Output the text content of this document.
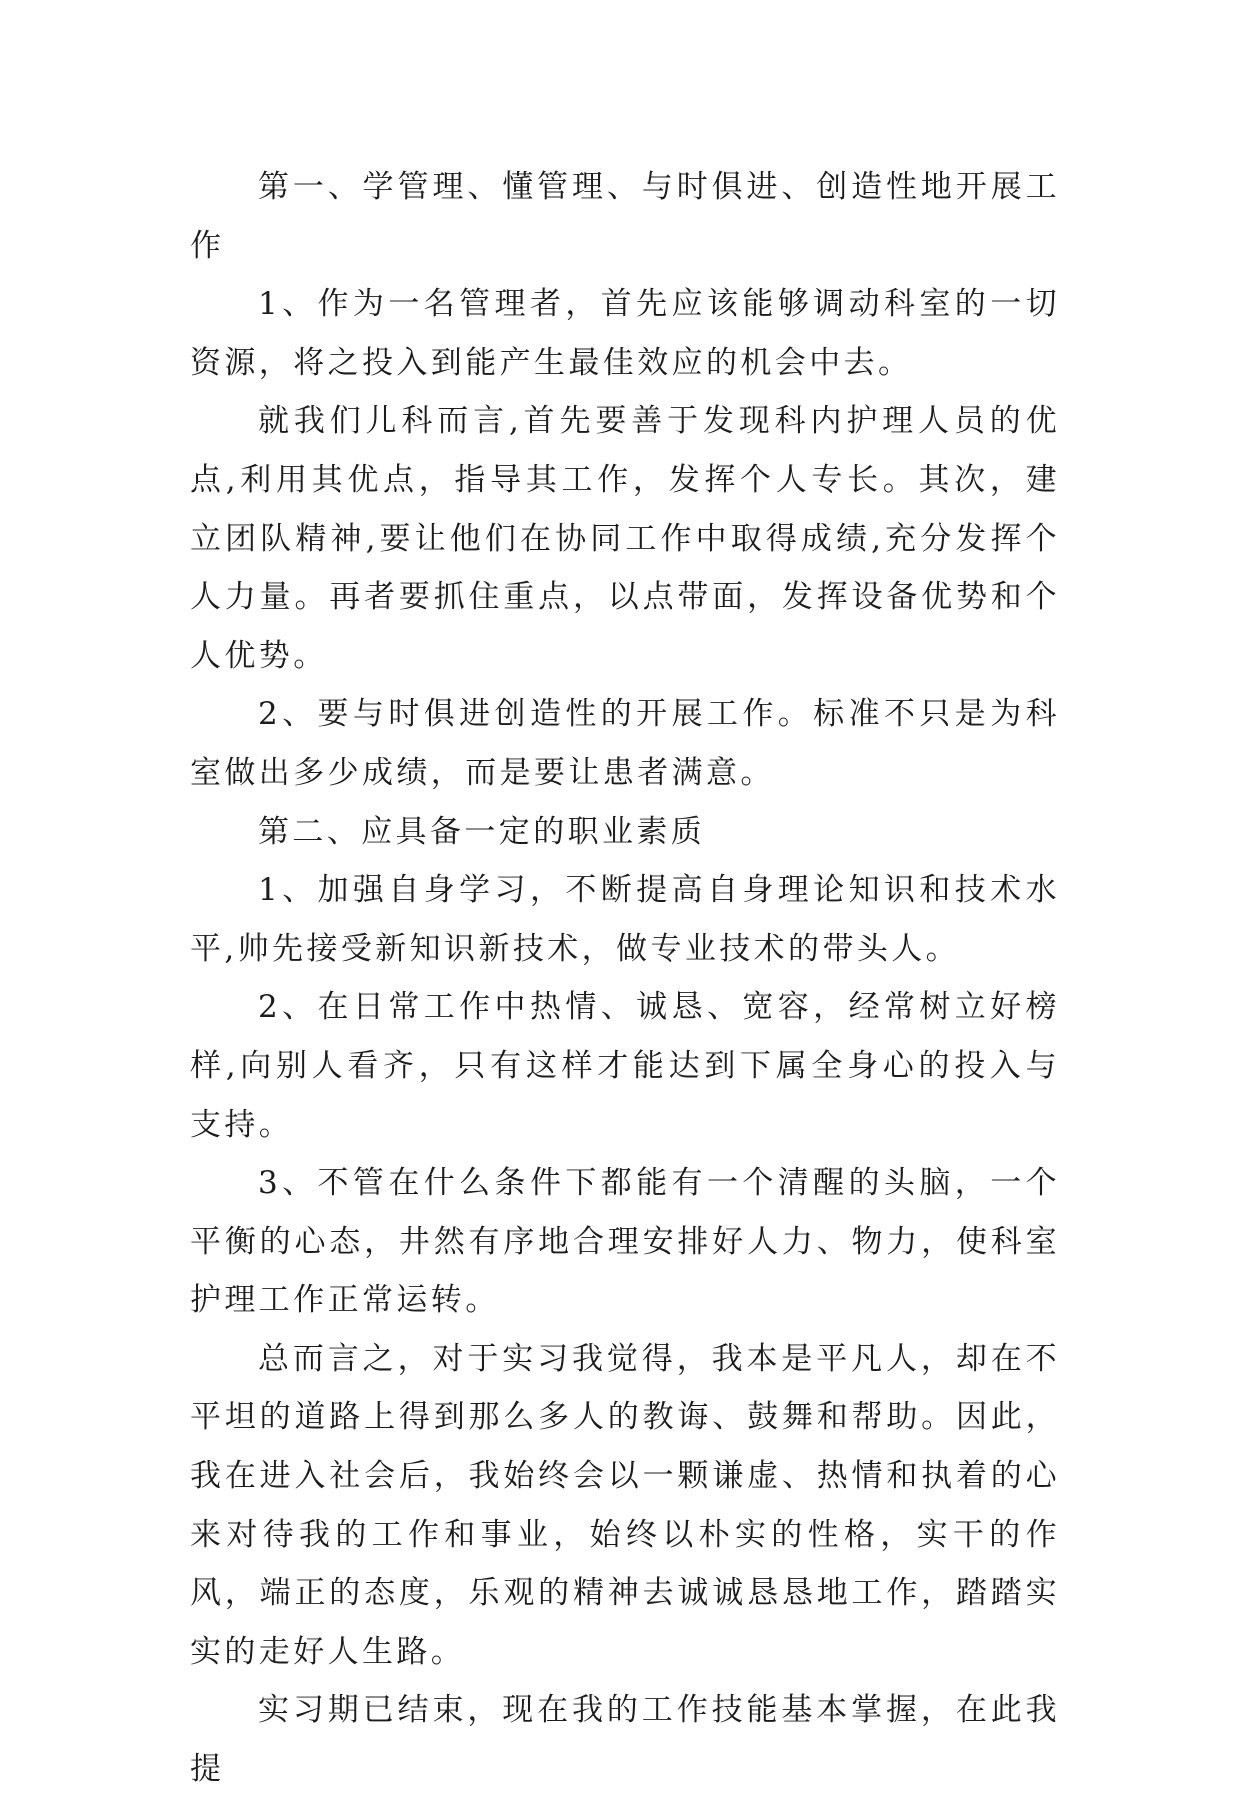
第一、学管理、懂管理、与时俱进、创造性地开展工作

1、作为一名管理者，首先应该能够调动科室的一切资源，将之投入到能产生最佳效应的机会中去。

就我们儿科而言,首先要善于发现科内护理人员的优点,利用其优点，指导其工作，发挥个人专长。其次，建立团队精神,要让他们在协同工作中取得成绩,充分发挥个人力量。再者要抓住重点，以点带面，发挥设备优势和个人优势。

2、要与时俱进创造性的开展工作。标准不只是为科室做出多少成绩，而是要让患者满意。

第二、应具备一定的职业素质

1、加强自身学习，不断提高自身理论知识和技术水平,帅先接受新知识新技术，做专业技术的带头人。

2、在日常工作中热情、诚恳、宽容，经常树立好榜样,向别人看齐，只有这样才能达到下属全身心的投入与支持。

3、不管在什么条件下都能有一个清醒的头脑，一个平衡的心态，井然有序地合理安排好人力、物力，使科室护理工作正常运转。

总而言之，对于实习我觉得，我本是平凡人，却在不平坦的道路上得到那么多人的教诲、鼓舞和帮助。因此，我在进入社会后，我始终会以一颗谦虚、热情和执着的心来对待我的工作和事业，始终以朴实的性格，实干的作风，端正的态度，乐观的精神去诚诚恳恳地工作，踏踏实实的走好人生路。

实习期已结束，现在我的工作技能基本掌握，在此我提
